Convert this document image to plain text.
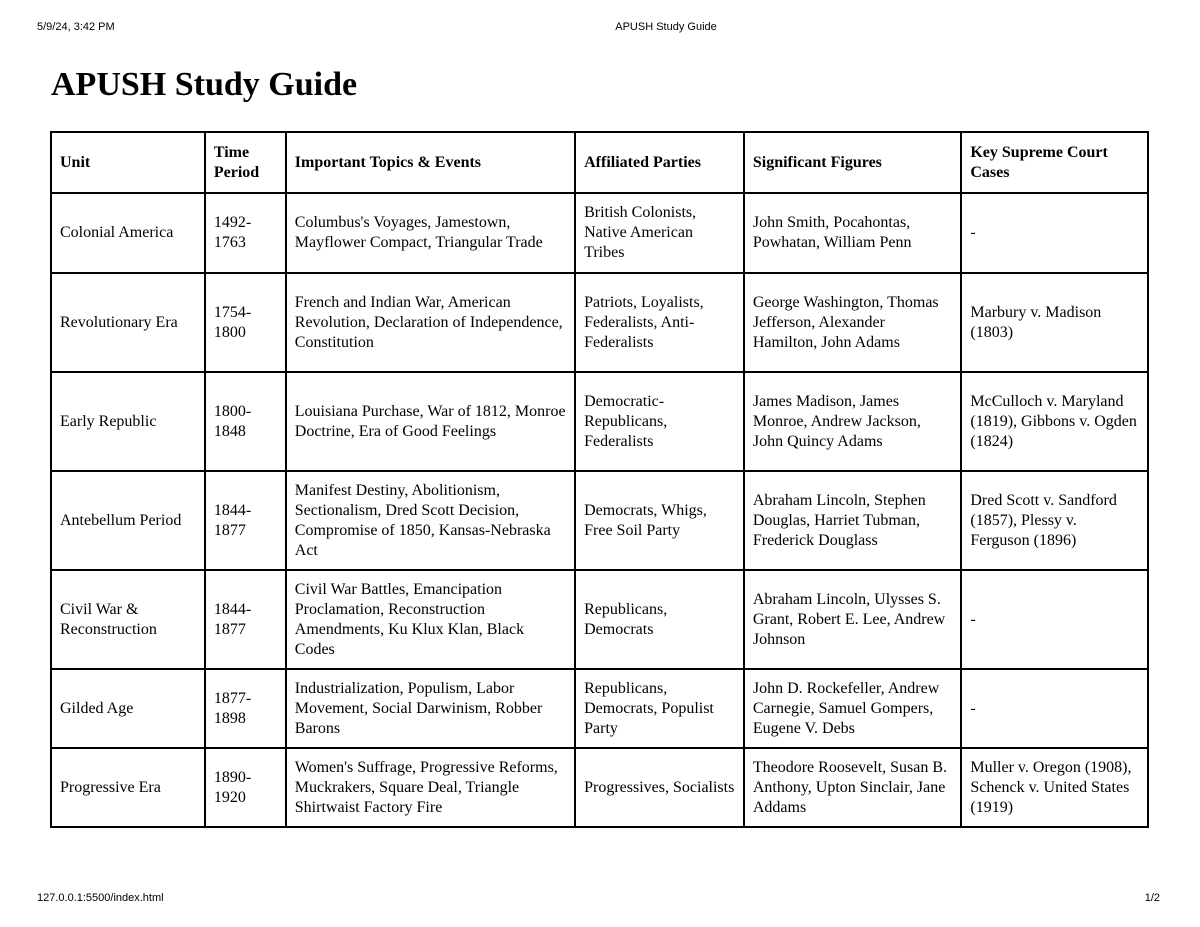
5/9/24, 3:42 PM	APUSH Study Guide
APUSH Study Guide
Unit	Time Period	Important Topics & Events	Affiliated Parties	Significant Figures	Key Supreme Court Cases
Colonial America	1492-1763	Columbus's Voyages, Jamestown, Mayflower Compact, Triangular Trade	British Colonists, Native American Tribes	John Smith, Pocahontas, Powhatan, William Penn	-
Revolutionary Era	1754-1800	French and Indian War, American Revolution, Declaration of Independence, Constitution	Patriots, Loyalists, Federalists, Anti-Federalists	George Washington, Thomas Jefferson, Alexander Hamilton, John Adams	Marbury v. Madison (1803)
Early Republic	1800-1848	Louisiana Purchase, War of 1812, Monroe Doctrine, Era of Good Feelings	Democratic-Republicans, Federalists	James Madison, James Monroe, Andrew Jackson, John Quincy Adams	McCulloch v. Maryland (1819), Gibbons v. Ogden (1824)
Antebellum Period	1844-1877	Manifest Destiny, Abolitionism, Sectionalism, Dred Scott Decision, Compromise of 1850, Kansas-Nebraska Act	Democrats, Whigs, Free Soil Party	Abraham Lincoln, Stephen Douglas, Harriet Tubman, Frederick Douglass	Dred Scott v. Sandford (1857), Plessy v. Ferguson (1896)
Civil War & Reconstruction	1844-1877	Civil War Battles, Emancipation Proclamation, Reconstruction Amendments, Ku Klux Klan, Black Codes	Republicans, Democrats	Abraham Lincoln, Ulysses S. Grant, Robert E. Lee, Andrew Johnson	-
Gilded Age	1877-1898	Industrialization, Populism, Labor Movement, Social Darwinism, Robber Barons	Republicans, Democrats, Populist Party	John D. Rockefeller, Andrew Carnegie, Samuel Gompers, Eugene V. Debs	-
Progressive Era	1890-1920	Women's Suffrage, Progressive Reforms, Muckrakers, Square Deal, Triangle Shirtwaist Factory Fire	Progressives, Socialists	Theodore Roosevelt, Susan B. Anthony, Upton Sinclair, Jane Addams	Muller v. Oregon (1908), Schenck v. United States (1919)
127.0.0.1:5500/index.html	1/2
